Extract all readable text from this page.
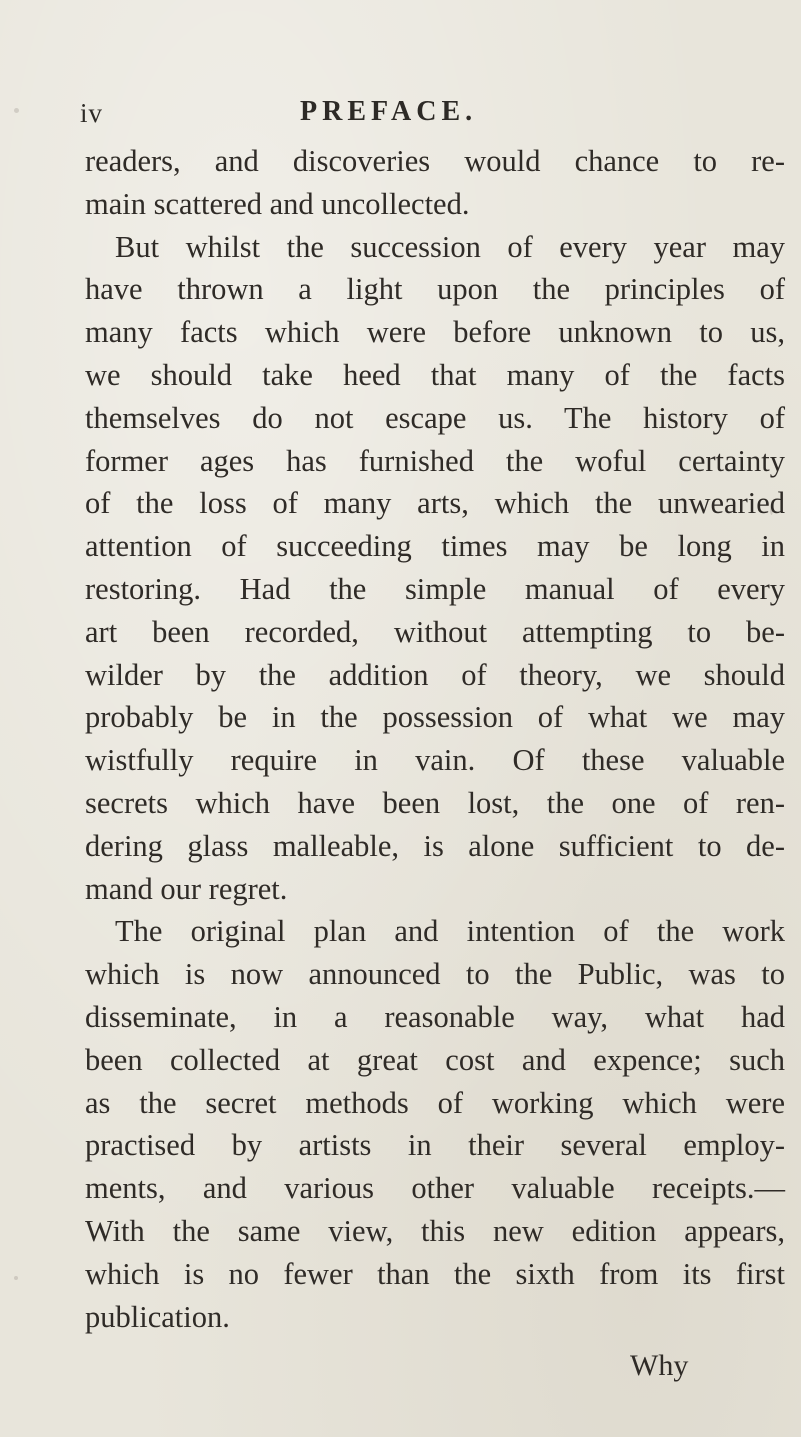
iv	PREFACE.
readers, and discoveries would chance to re-
main scattered and uncollected.
But whilst the succession of every year may
have thrown a light upon the principles of
many facts which were before unknown to us,
we should take heed that many of the facts
themselves do not escape us. The history of
former ages has furnished the woful certainty
of the loss of many arts, which the unwearied
attention of succeeding times may be long in
restoring. Had the simple manual of every
art been recorded, without attempting to be-
wilder by the addition of theory, we should
probably be in the possession of what we may
wistfully require in vain. Of these valuable
secrets which have been lost, the one of ren-
dering glass malleable, is alone sufficient to de-
mand our regret.
The original plan and intention of the work
which is now announced to the Public, was to
disseminate, in a reasonable way, what had
been collected at great cost and expence; such
as the secret methods of working which were
practised by artists in their several employ-
ments, and various other valuable receipts.—
With the same view, this new edition appears,
which is no fewer than the sixth from its first
publication.
Why
